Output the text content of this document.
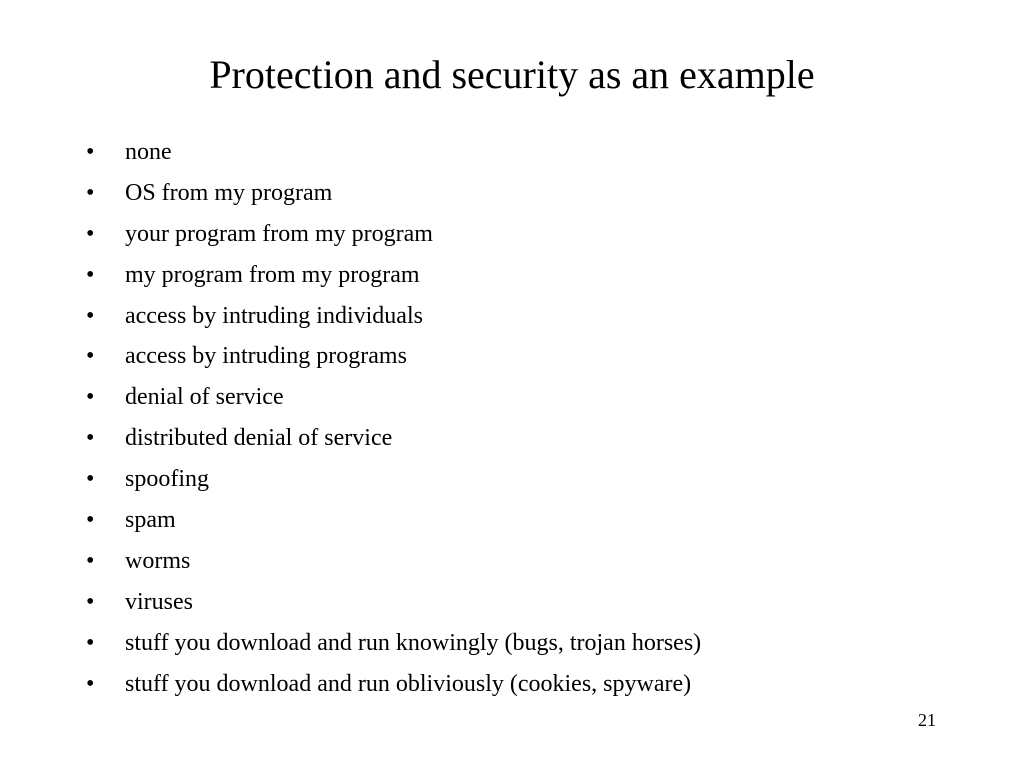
Protection and security as an example
•	none
•	OS from my program
•	your program from my program
•	my program from my program
•	access by intruding individuals
•	access by intruding programs
•	denial of service
•	distributed denial of service
•	spoofing
•	spam
•	worms
•	viruses
•	stuff you download and run knowingly (bugs, trojan horses)
•	stuff you download and run obliviously (cookies, spyware)
21
